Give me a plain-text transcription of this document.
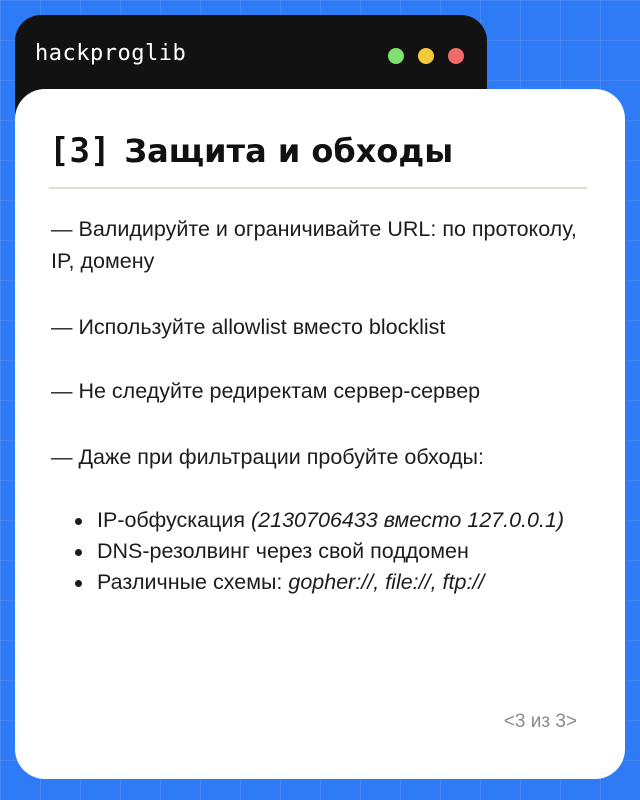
hackproglib
[3] Защита и обходы
— Валидируйте и ограничивайте URL: по протоколу, IP, домену
— Используйте allowlist вместо blocklist
— Не следуйте редиректам сервер-сервер
— Даже при фильтрации пробуйте обходы:
IP-обфускация (2130706433 вместо 127.0.0.1)
DNS-резолвинг через свой поддомен
Различные схемы: gopher://, file://, ftp://
<3 из 3>
